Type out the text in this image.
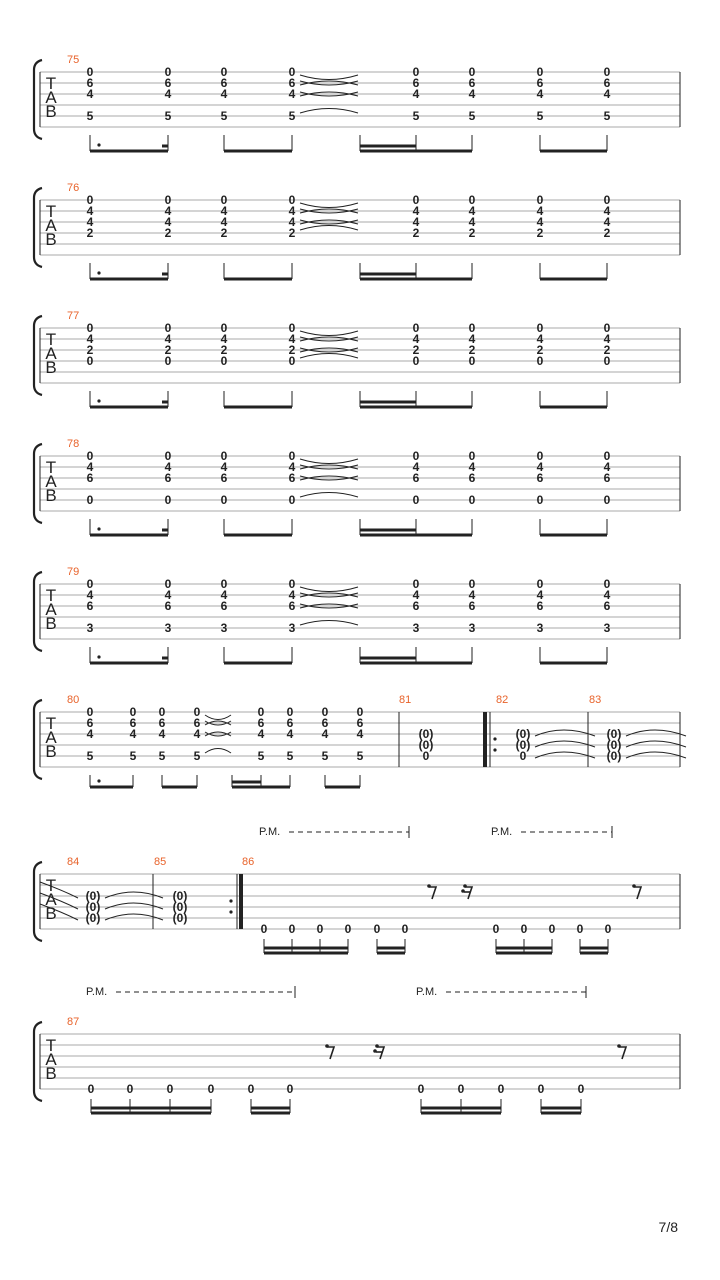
T
A
B
75
0
6
4
5
0
6
4
5
0
6
4
5
0
6
4
5
0
6
4
5
0
6
4
5
0
6
4
5
0
6
4
5
T
A
B
76
0
4
4
2
0
4
4
2
0
4
4
2
0
4
4
2
0
4
4
2
0
4
4
2
0
4
4
2
0
4
4
2
T
A
B
77
0
4
2
0
0
4
2
0
0
4
2
0
0
4
2
0
0
4
2
0
0
4
2
0
0
4
2
0
0
4
2
0
T
A
B
78
0
4
6
0
0
4
6
0
0
4
6
0
0
4
6
0
0
4
6
0
0
4
6
0
0
4
6
0
0
4
6
0
T
A
B
79
0
4
6
3
0
4
6
3
0
4
6
3
0
4
6
3
0
4
6
3
0
4
6
3
0
4
6
3
0
4
6
3
T
A
B
80
0
6
4
5
0
6
4
5
0
6
4
5
0
6
4
5
0
6
4
5
0
6
4
5
0
6
4
5
0
6
4
5
81	82	83
(0)
(0)
0
(0)
(0)
0
(0)
(0)
(0)
P.M.	P.M.
P.M.	P.M.
T
A
B
84	85	86
(0)
(0)
(0)
(0)
(0)
(0)
0 0 0 0 0 0	0 0 0 0 0
T
A
B
87
0	0	0	0	0	0	0	0	0	0	0
7/8
